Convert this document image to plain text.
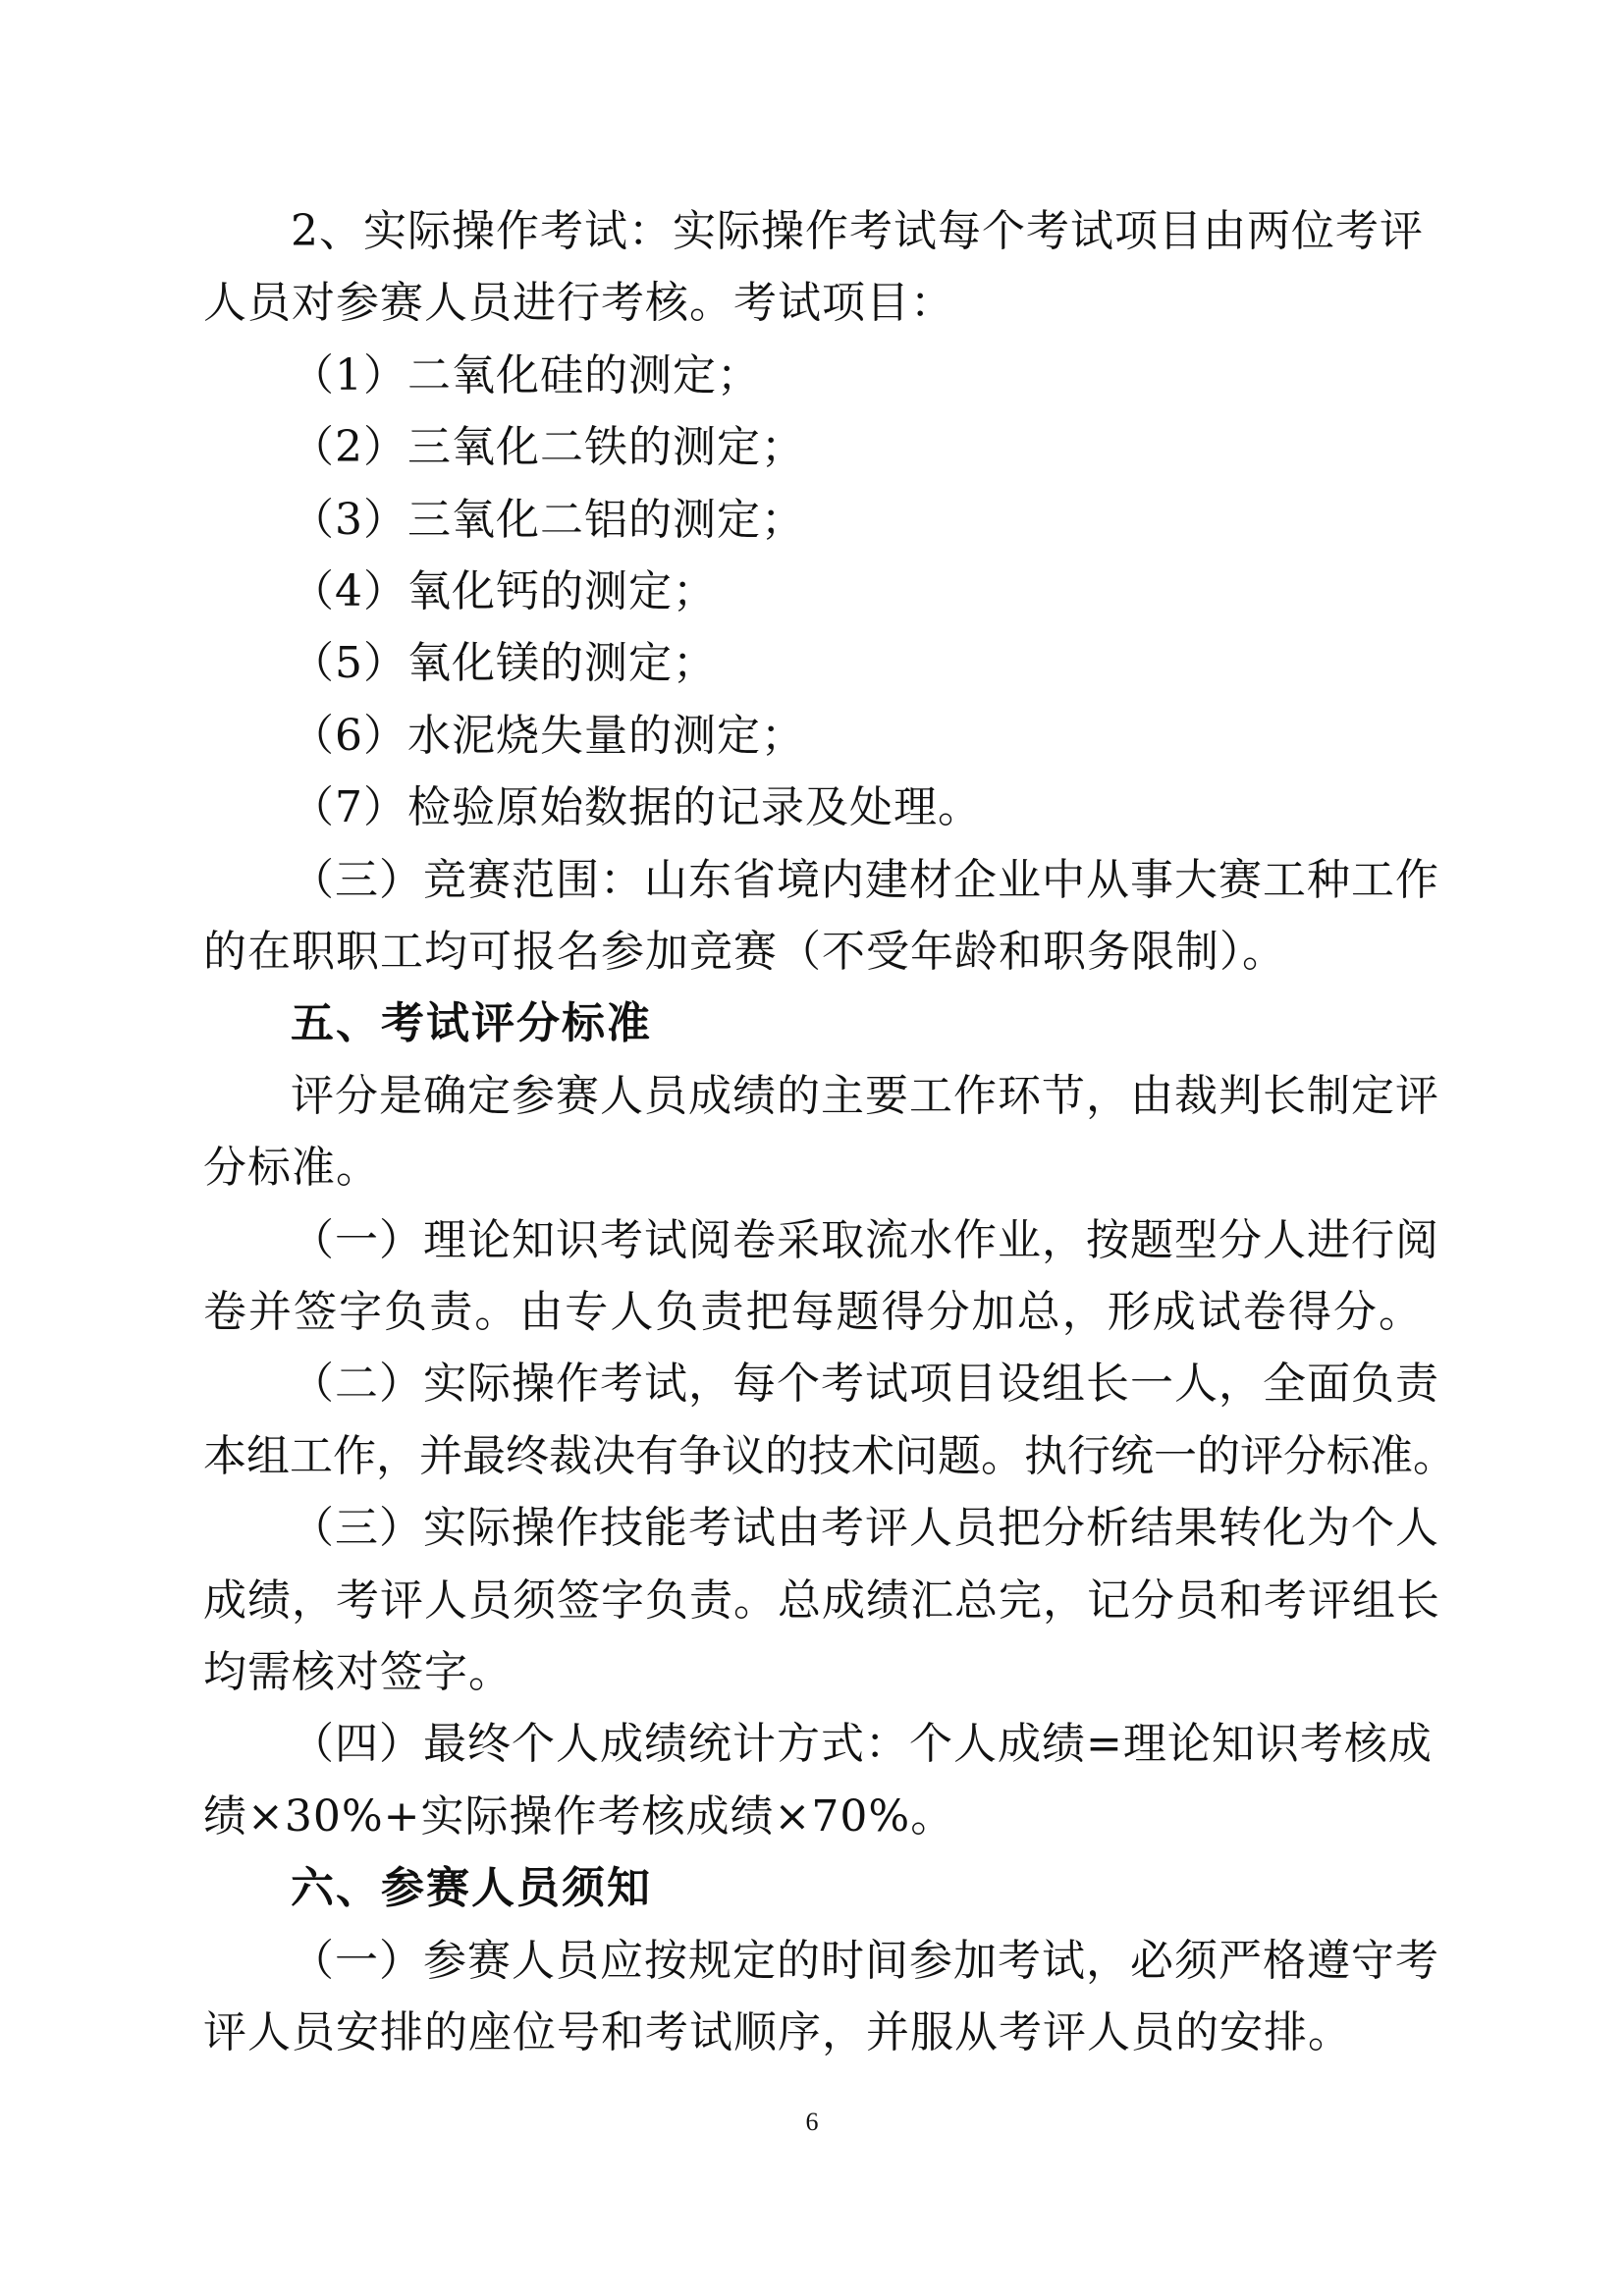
2、实际操作考试：实际操作考试每个考试项目由两位考评
人员对参赛人员进行考核。考试项目：
（1）二氧化硅的测定；
（2）三氧化二铁的测定；
（3）三氧化二铝的测定；
（4）氧化钙的测定；
（5）氧化镁的测定；
（6）水泥烧失量的测定；
（7）检验原始数据的记录及处理。
（三）竞赛范围：山东省境内建材企业中从事大赛工种工作
的在职职工均可报名参加竞赛（不受年龄和职务限制）。
五、考试评分标准
评分是确定参赛人员成绩的主要工作环节，由裁判长制定评
分标准。
（一）理论知识考试阅卷采取流水作业，按题型分人进行阅
卷并签字负责。由专人负责把每题得分加总，形成试卷得分。
（二）实际操作考试，每个考试项目设组长一人，全面负责
本组工作，并最终裁决有争议的技术问题。执行统一的评分标准。
（三）实际操作技能考试由考评人员把分析结果转化为个人
成绩，考评人员须签字负责。总成绩汇总完，记分员和考评组长
均需核对签字。
（四）最终个人成绩统计方式：个人成绩=理论知识考核成
绩×30%+实际操作考核成绩×70%。
六、参赛人员须知
（一）参赛人员应按规定的时间参加考试，必须严格遵守考
评人员安排的座位号和考试顺序，并服从考评人员的安排。
6
